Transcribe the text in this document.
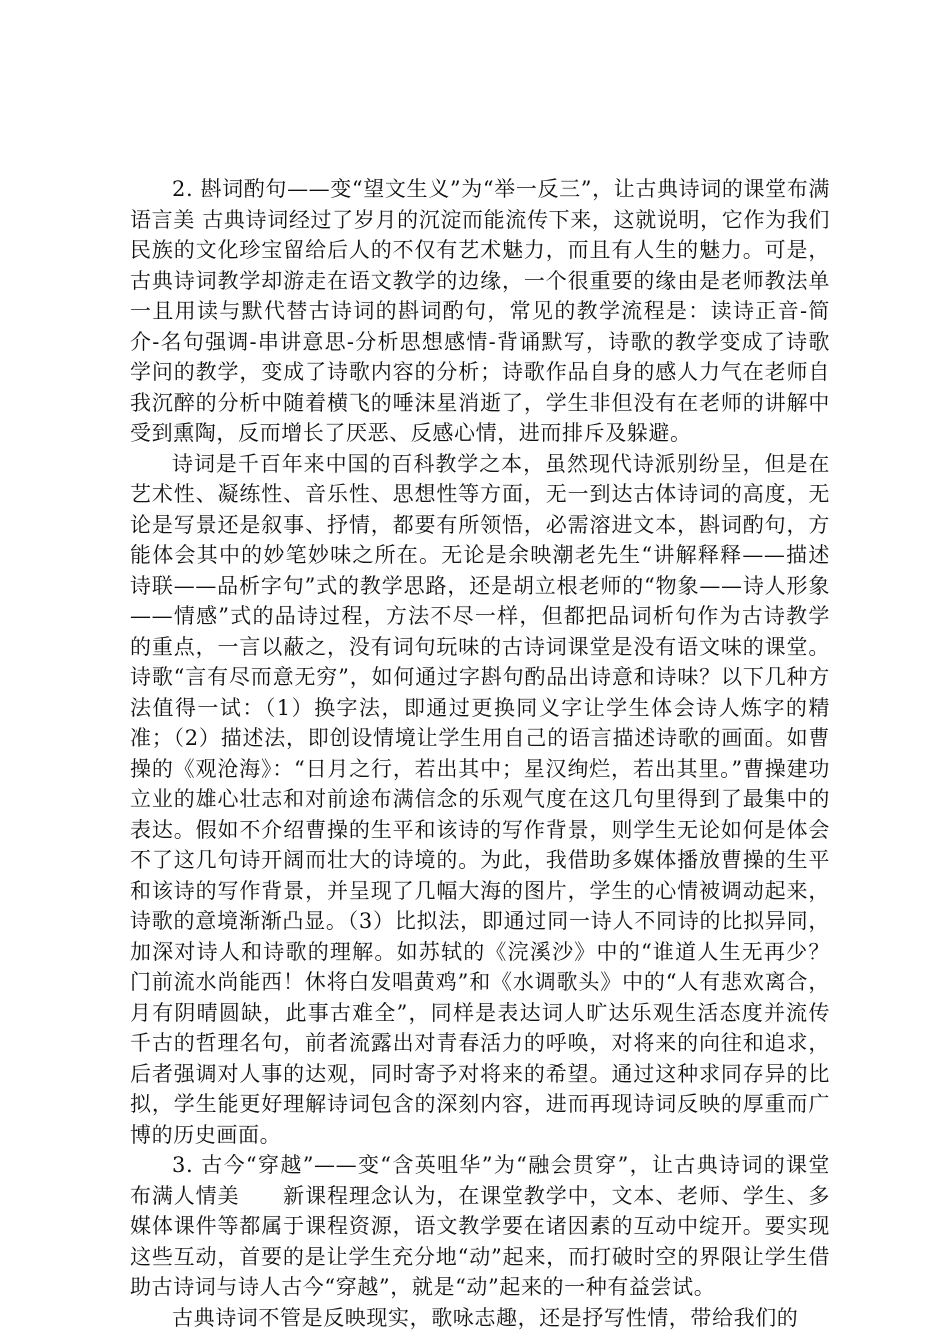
2. 斟词酌句——变“望文生义”为“举一反三”，让古典诗词的课堂布满语言美 古典诗词经过了岁月的沉淀而能流传下来，这就说明，它作为我们民族的文化珍宝留给后人的不仅有艺术魅力，而且有人生的魅力。可是，古典诗词教学却游走在语文教学的边缘，一个很重要的缘由是老师教法单一且用读与默代替古诗词的斟词酌句，常见的教学流程是：读诗正音-简介-名句强调-串讲意思-分析思想感情-背诵默写，诗歌的教学变成了诗歌学问的教学，变成了诗歌内容的分析；诗歌作品自身的感人力气在老师自我沉醉的分析中随着横飞的唾沫星消逝了，学生非但没有在老师的讲解中受到熏陶，反而增长了厌恶、反感心情，进而排斥及躲避。

诗词是千百年来中国的百科教学之本，虽然现代诗派别纷呈，但是在艺术性、凝练性、音乐性、思想性等方面，无一到达古体诗词的高度，无论是写景还是叙事、抒情，都要有所领悟，必需溶进文本，斟词酌句，方能体会其中的妙笔妙味之所在。无论是余映潮老先生“讲解释释——描述诗联——品析字句”式的教学思路，还是胡立根老师的“物象——诗人形象——情感”式的品诗过程，方法不尽一样，但都把品词析句作为古诗教学的重点，一言以蔽之，没有词句玩味的古诗词课堂是没有语文味的课堂。诗歌“言有尽而意无穷”，如何通过字斟句酌品出诗意和诗味？以下几种方法值得一试：（1）换字法，即通过更换同义字让学生体会诗人炼字的精准；（2）描述法，即创设情境让学生用自己的语言描述诗歌的画面。如曹操的《观沧海》：“日月之行，若出其中；星汉绚烂，若出其里。”曹操建功立业的雄心壮志和对前途布满信念的乐观气度在这几句里得到了最集中的表达。假如不介绍曹操的生平和该诗的写作背景，则学生无论如何是体会不了这几句诗开阔而壮大的诗境的。为此，我借助多媒体播放曹操的生平和该诗的写作背景，并呈现了几幅大海的图片，学生的心情被调动起来，诗歌的意境渐渐凸显。（3）比拟法，即通过同一诗人不同诗的比拟异同，加深对诗人和诗歌的理解。如苏轼的《浣溪沙》中的“谁道人生无再少？门前流水尚能西！休将白发唱黄鸡”和《水调歌头》中的“人有悲欢离合，月有阴晴圆缺，此事古难全”，同样是表达词人旷达乐观生活态度并流传千古的哲理名句，前者流露出对青春活力的呼唤，对将来的向往和追求，后者强调对人事的达观，同时寄予对将来的希望。通过这种求同存异的比拟，学生能更好理解诗词包含的深刻内容，进而再现诗词反映的厚重而广博的历史画面。

3. 古今“穿越”——变“含英咀华”为“融会贯穿”，让古典诗词的课堂布满人情美　　新课程理念认为，在课堂教学中，文本、老师、学生、多媒体课件等都属于课程资源，语文教学要在诸因素的互动中绽开。要实现这些互动，首要的是让学生充分地“动”起来，而打破时空的界限让学生借助古诗词与诗人古今“穿越”，就是“动”起来的一种有益尝试。

古典诗词不管是反映现实，歌咏志趣，还是抒写性情，带给我们的
